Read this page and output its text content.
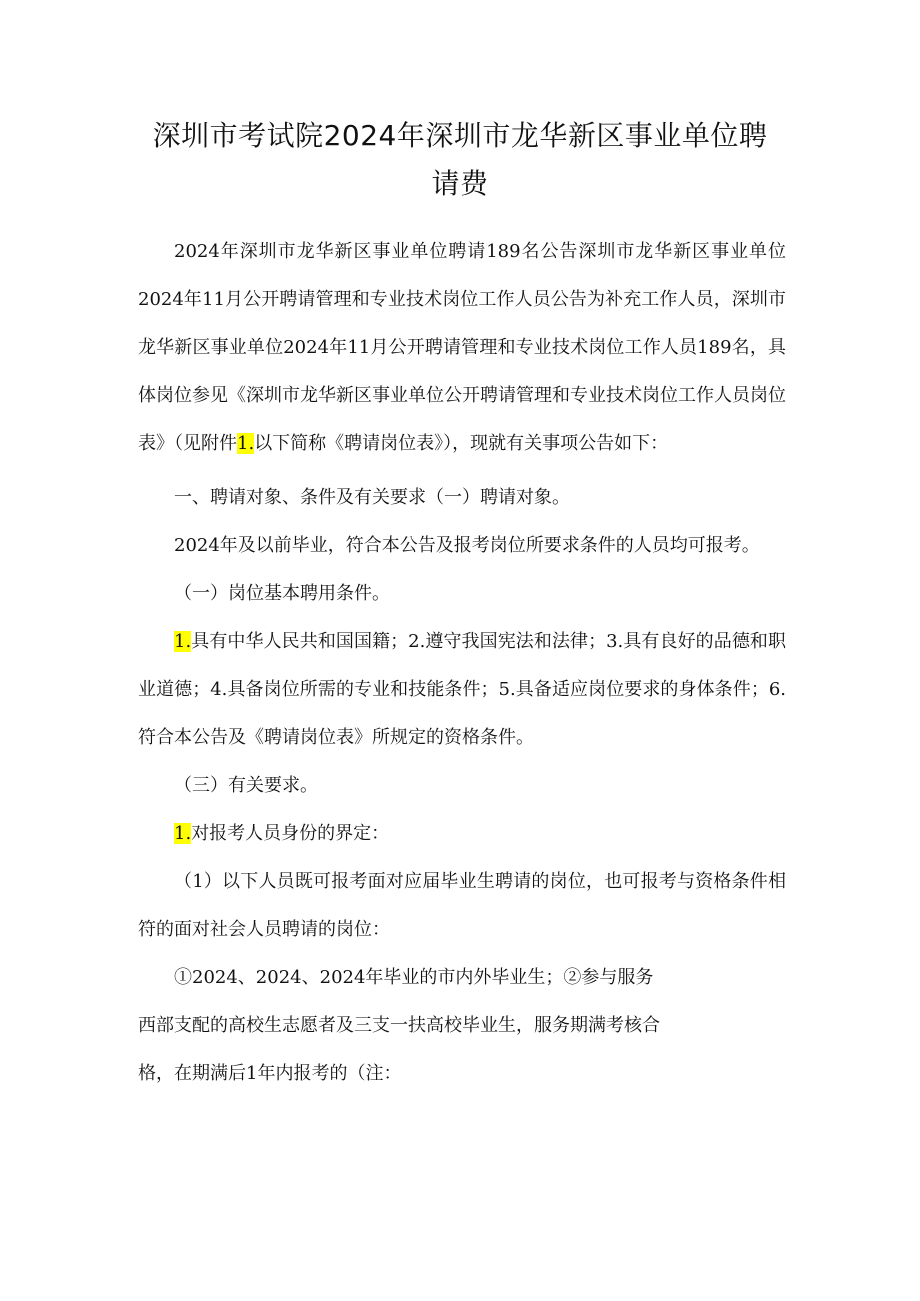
深圳市考试院2024年深圳市龙华新区事业单位聘
请费

2024年深圳市龙华新区事业单位聘请189名公告深圳市龙华新区事业单位2024年11月公开聘请管理和专业技术岗位工作人员公告为补充工作人员，深圳市龙华新区事业单位2024年11月公开聘请管理和专业技术岗位工作人员189名，具体岗位参见《深圳市龙华新区事业单位公开聘请管理和专业技术岗位工作人员岗位表》（见附件1.以下简称《聘请岗位表》），现就有关事项公告如下：

一、聘请对象、条件及有关要求（一）聘请对象。

2024年及以前毕业，符合本公告及报考岗位所要求条件的人员均可报考。

（一）岗位基本聘用条件。

1.具有中华人民共和国国籍；2.遵守我国宪法和法律；3.具有良好的品德和职业道德；4.具备岗位所需的专业和技能条件；5.具备适应岗位要求的身体条件；6.符合本公告及《聘请岗位表》所规定的资格条件。

（三）有关要求。

1.对报考人员身份的界定：

（1）以下人员既可报考面对应届毕业生聘请的岗位，也可报考与资格条件相符的面对社会人员聘请的岗位：

①2024、2024、2024年毕业的市内外毕业生；②参与服务
西部支配的高校生志愿者及三支一扶高校毕业生，服务期满考核合
格，在期满后1年内报考的（注：
